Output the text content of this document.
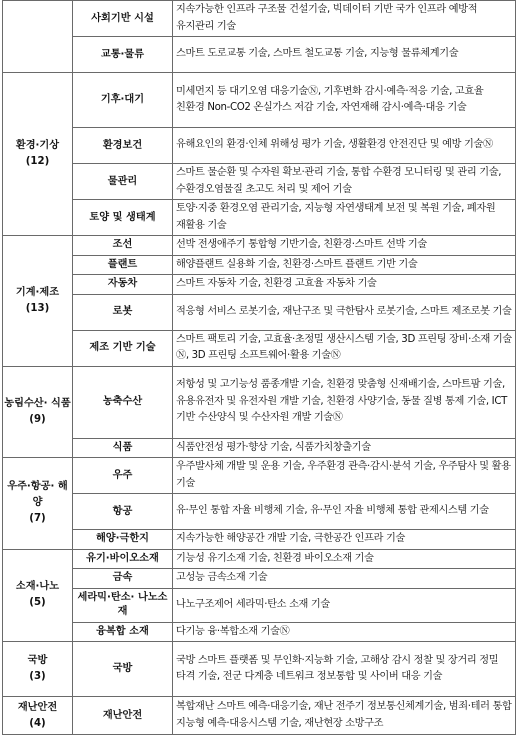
	사회기반 시설	지속가능한 인프라 구조물 건설기술, 빅데이터 기반 국가 인프라 예방적 유지관리 기술
	교통·물류	스마트 도로교통 기술, 스마트 철도교통 기술, 지능형 물류체계기술

환경·기상
(12)	기후·대기	미세먼지 등 대기오염 대응기술Ⓝ, 기후변화 감시·예측·적응 기술, 고효율 친환경 Non-CO2 온실가스 저감 기술, 자연재해 감시·예측·대응 기술
	환경보건	유해요인의 환경·인체 위해성 평가 기술, 생활환경 안전진단 및 예방 기술Ⓝ
	물관리	스마트 물순환 및 수자원 확보·관리 기술, 통합 수환경 모니터링 및 관리 기술, 수환경오염물질 초고도 처리 및 제어 기술
	토양 및 생태계	토양·지중 환경오염 관리기술, 지능형 자연생태계 보전 및 복원 기술, 폐자원 재활용 기술

기계·제조
(13)	조선	선박 전생애주기 통합형 기반기술, 친환경·스마트 선박 기술
	플랜트	해양플랜트 실용화 기술, 친환경·스마트 플랜트 기반 기술
	자동차	스마트 자동차 기술, 친환경 고효율 자동차 기술
	로봇	적응형 서비스 로봇기술, 재난구조 및 극한탐사 로봇기술, 스마트 제조로봇 기술
	제조 기반 기술	스마트 팩토리 기술, 고효율·초정밀 생산시스템 기술, 3D 프린팅 장비·소재 기술Ⓝ, 3D 프린팅 소프트웨어·활용 기술Ⓝ

농림수산· 식품
(9)	농축수산	저항성 및 고기능성 품종개발 기술, 친환경 맞춤형 신재배기술, 스마트팜 기술, 유용유전자 및 유전자원 개발 기술, 친환경 사양기술, 동물 질병 통제 기술, ICT 기반 수산양식 및 수산자원 개발 기술Ⓝ
	식품	식품안전성 평가·향상 기술, 식품가치창출기술

우주·항공· 해양
(7)	우주	우주발사체 개발 및 운용 기술, 우주환경 관측·감시·분석 기술, 우주탐사 및 활용 기술
	항공	유·무인 통합 자율 비행체 기술, 유·무인 자율 비행체 통합 관제시스템 기술
	해양·극한지	지속가능한 해양공간 개발 기술, 극한공간 인프라 기술

소재·나노
(5)	유기·바이오소재	기능성 유기소재 기술, 친환경 바이오소재 기술
	금속	고성능 금속소재 기술
	세라믹·탄소· 나노소재	나노구조제어 세라믹·탄소 소재 기술
	융복합 소재	다기능 융·복합소재 기술Ⓝ

국방
(3)	국방	국방 스마트 플랫폼 및 무인화·지능화 기술, 고해상 감시 정찰 및 장거리 정밀 타격 기술, 전군 다계층 네트워크 정보통합 및 사이버 대응 기술

재난안전
(4)	재난안전	복합재난 스마트 예측·대응기술, 재난 전주기 정보통신체계기술, 범죄·테러 통합 지능형 예측·대응시스템 기술, 재난현장 소방구조
